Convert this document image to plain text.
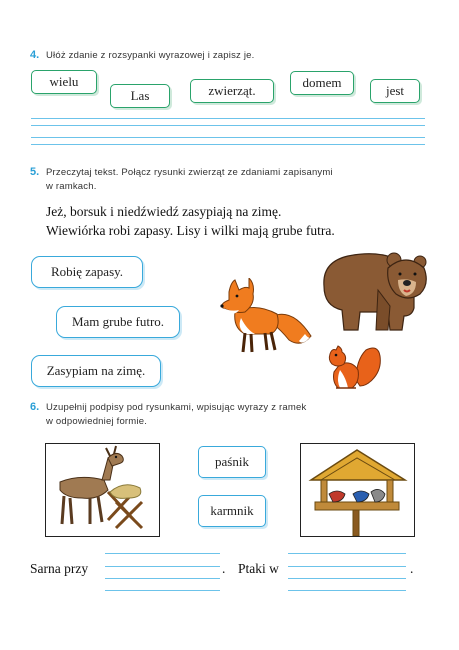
4. Ułóż zdanie z rozsypanki wyrazowej i zapisz je.
wielu
Las	zwierząt.
domem
jest
5. Przeczytaj tekst. Połącz rysunki zwierząt ze zdaniami zapisanymi
w ramkach.
Jeż, borsuk i niedźwiedź zasypiają na zimę.
Wiewiórka robi zapasy. Lisy i wilki mają grube futra.
Robię zapasy.
Mam grube futro.
Zasypiam na zimę.
6. Uzupełnij podpisy pod rysunkami, wpisując wyrazy z ramek
w odpowiedniej formie.
paśnik
karmnik
Sarna przy	. Ptaki w	.
